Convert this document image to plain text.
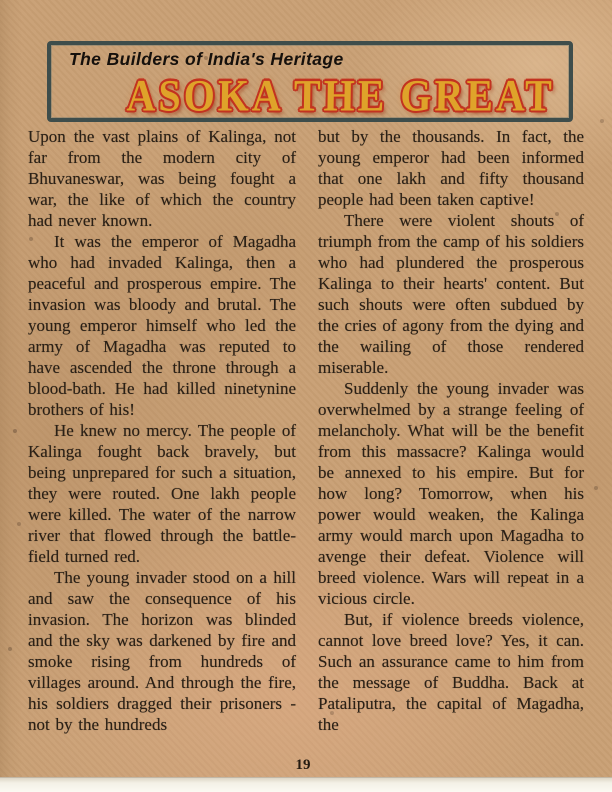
The Builders of India's Heritage
ASOKA THE GREAT

Upon the vast plains of Kalinga, not far from the modern city of Bhuvaneswar, was being fought a war, the like of which the country had never known.

It was the emperor of Magadha who had invaded Kalinga, then a peaceful and prosperous empire. The invasion was bloody and brutal. The young emperor himself who led the army of Magadha was reputed to have ascended the throne through a blood-bath. He had killed ninetynine brothers of his!

He knew no mercy. The people of Kalinga fought back bravely, but being unprepared for such a situation, they were routed. One lakh people were killed. The water of the narrow river that flowed through the battle-field turned red.

The young invader stood on a hill and saw the consequence of his invasion. The horizon was blinded and the sky was darkened by fire and smoke rising from hundreds of villages around. And through the fire, his soldiers dragged their prisoners - not by the hundreds

but by the thousands. In fact, the young emperor had been informed that one lakh and fifty thousand people had been taken captive!

There were violent shouts of triumph from the camp of his soldiers who had plundered the prosperous Kalinga to their hearts' content. But such shouts were often subdued by the cries of agony from the dying and the wailing of those rendered miserable.

Suddenly the young invader was overwhelmed by a strange feeling of melancholy. What will be the benefit from this massacre? Kalinga would be annexed to his empire. But for how long? Tomorrow, when his power would weaken, the Kalinga army would march upon Magadha to avenge their defeat. Violence will breed violence. Wars will repeat in a vicious circle.

But, if violence breeds violence, cannot love breed love? Yes, it can. Such an assurance came to him from the message of Buddha. Back at Pataliputra, the capital of Magadha, the

19
